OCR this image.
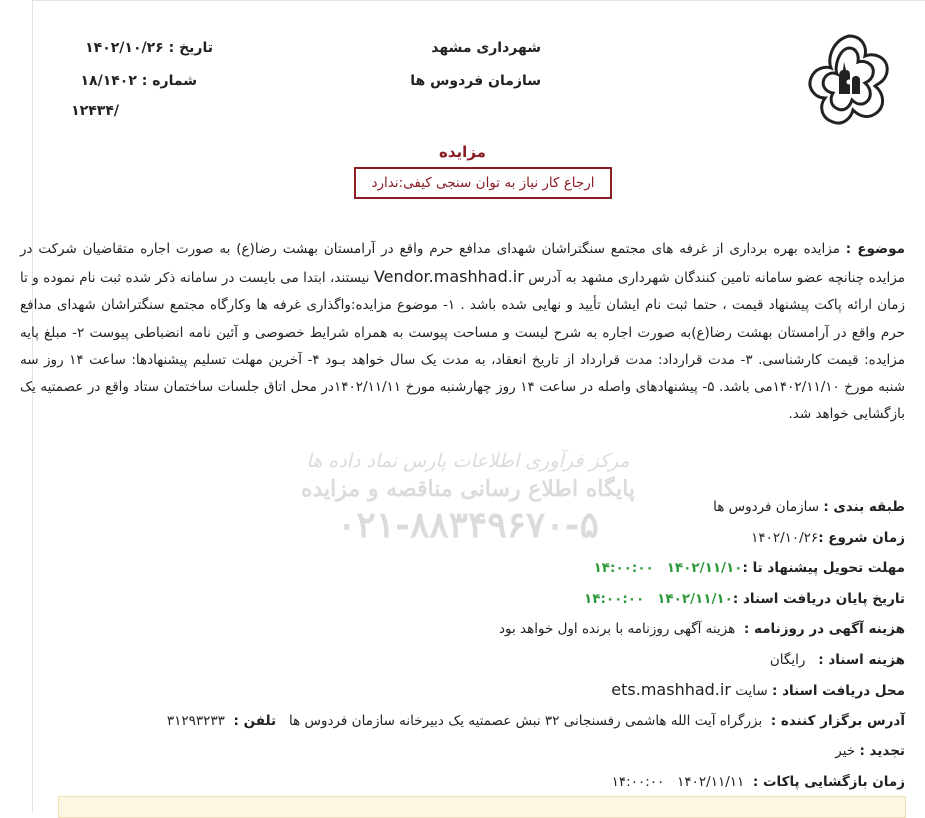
شهرداری مشهد
سازمان فردوس ها
تاریخ : ۱۴۰۲/۱۰/۲۶
شماره : ۱۸/۱۴۰۲
/۱۲۴۳۴
مزایده
ارجاع کار نیاز به توان سنجی کیفی:ندارد
موضوع : مزایده بهره برداری از غرفه های مجتمع سنگتراشان شهدای مدافع حرم واقع در آرامستان بهشت رضا(ع) به صورت اجاره متقاضیان شرکت در مزایده چنانچه عضو سامانه تامین کنندگان شهرداری مشهد به آدرس Vendor.mashhad.ir نیستند، ابتدا می بایست در سامانه ذکر شده ثبت نام نموده و تا زمان ارائه پاکت پیشنهاد قیمت ، حتما ثبت نام ایشان تأیید و نهایی شده باشد . ۱- موضوع مزایده:واگذاری غرفه ها وکارگاه مجتمع سنگتراشان شهدای مدافع حرم واقع در آرامستان بهشت رضا(ع)به صورت اجاره به شرح لیست و مساحت پیوست به همراه شرایط خصوصی و آئین نامه انضباطی پیوست ۲- مبلغ پایه مزایده: قیمت کارشناسی. ۳- مدت قرارداد: مدت قرارداد از تاریخ انعقاد، به مدت یک سال خواهد بـود ۴- آخرین مهلت تسلیم پیشنهادها: ساعت ۱۴ روز سه شنبه مورخ ۱۴۰۲/۱۱/۱۰می باشد. ۵- پیشنهادهای واصله در ساعت ۱۴ روز چهارشنبه مورخ ۱۴۰۲/۱۱/۱۱در محل اتاق جلسات ساختمان ستاد واقع در عصمتیه یک بازگشایی خواهد شد.
مرکز فرآوری اطلاعات پارس نماد داده ها
پایگاه اطلاع رسانی مناقصه و مزایده
۰۲۱-۸۸۳۴۹۶۷۰-۵	طبقه بندی : سازمان فردوس ها
زمان شروع :۱۴۰۲/۱۰/۲۶
مهلت تحویل پیشنهاد تا :۱۴۰۲/۱۱/۱۰   ۱۴:۰۰:۰۰
تاریخ پایان دریافت اسناد :۱۴۰۲/۱۱/۱۰   ۱۴:۰۰:۰۰
هزینه آگهی در روزنامه :  هزینه آگهی روزنامه با برنده اول خواهد بود
هزینه اسناد :   رایگان
محل دریافت اسناد : سایت ets.mashhad.ir
آدرس برگزار کننده :  بزرگراه آیت الله هاشمی رفسنجانی ۳۲ نبش عصمتیه یک دبیرخانه سازمان فردوس ها   تلفن :  ۳۱۲۹۳۲۳۳
تجدید : خیر
زمان بازگشایی پاکات :  ۱۴۰۲/۱۱/۱۱   ۱۴:۰۰:۰۰
